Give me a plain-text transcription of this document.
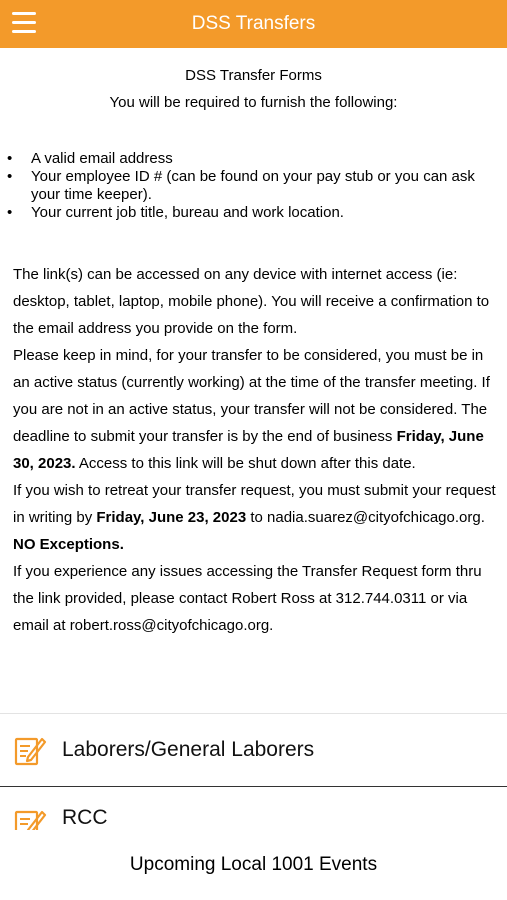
DSS Transfers
DSS Transfer Forms
You will be required to furnish the following:
• A valid email address
• Your employee ID # (can be found on your pay stub or you can ask your time keeper).
• Your current job title, bureau and work location.

The link(s) can be accessed on any device with internet access (ie: desktop, tablet, laptop, mobile phone). You will receive a confirmation to the email address you provide on the form.

Please keep in mind, for your transfer to be considered, you must be in an active status (currently working) at the time of the transfer meeting. If you are not in an active status, your transfer will not be considered. The deadline to submit your transfer is by the end of business Friday, June 30, 2023. Access to this link will be shut down after this date.

If you wish to retreat your transfer request, you must submit your request in writing by Friday, June 23, 2023 to nadia.suarez@cityofchicago.org.

NO Exceptions.

If you experience any issues accessing the Transfer Request form thru the link provided, please contact Robert Ross at 312.744.0311 or via email at robert.ross@cityofchicago.org.

Laborers/General Laborers
RCC
Upcoming Local 1001 Events
